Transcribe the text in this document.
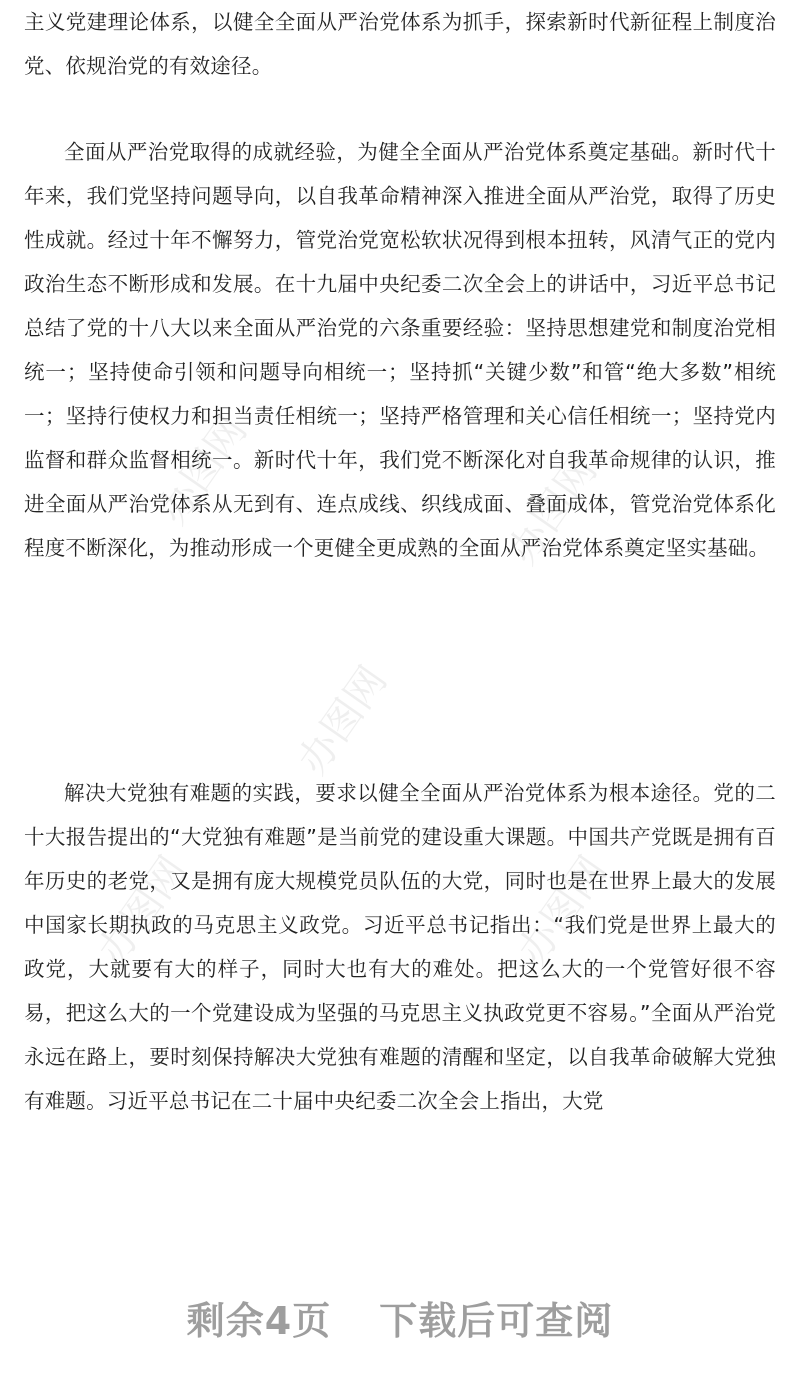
办图网	办图网
办图网
办图网	办图网

主义党建理论体系，以健全全面从严治党体系为抓手，探索新时代新征程上制度治党、依规治党的有效途径。

全面从严治党取得的成就经验，为健全全面从严治党体系奠定基础。新时代十年来，我们党坚持问题导向，以自我革命精神深入推进全面从严治党，取得了历史性成就。经过十年不懈努力，管党治党宽松软状况得到根本扭转，风清气正的党内政治生态不断形成和发展。在十九届中央纪委二次全会上的讲话中，习近平总书记总结了党的十八大以来全面从严治党的六条重要经验：坚持思想建党和制度治党相统一；坚持使命引领和问题导向相统一；坚持抓“关键少数”和管“绝大多数”相统一；坚持行使权力和担当责任相统一；坚持严格管理和关心信任相统一；坚持党内监督和群众监督相统一。新时代十年，我们党不断深化对自我革命规律的认识，推进全面从严治党体系从无到有、连点成线、织线成面、叠面成体，管党治党体系化程度不断深化，为推动形成一个更健全更成熟的全面从严治党体系奠定坚实基础。

解决大党独有难题的实践，要求以健全全面从严治党体系为根本途径。党的二十大报告提出的“大党独有难题”是当前党的建设重大课题。中国共产党既是拥有百年历史的老党，又是拥有庞大规模党员队伍的大党，同时也是在世界上最大的发展中国家长期执政的马克思主义政党。习近平总书记指出：“我们党是世界上最大的政党，大就要有大的样子，同时大也有大的难处。把这么大的一个党管好很不容易，把这么大的一个党建设成为坚强的马克思主义执政党更不容易。”全面从严治党永远在路上，要时刻保持解决大党独有难题的清醒和坚定，以自我革命破解大党独有难题。习近平总书记在二十届中央纪委二次全会上指出，大党

剩余4页 下载后可查阅
